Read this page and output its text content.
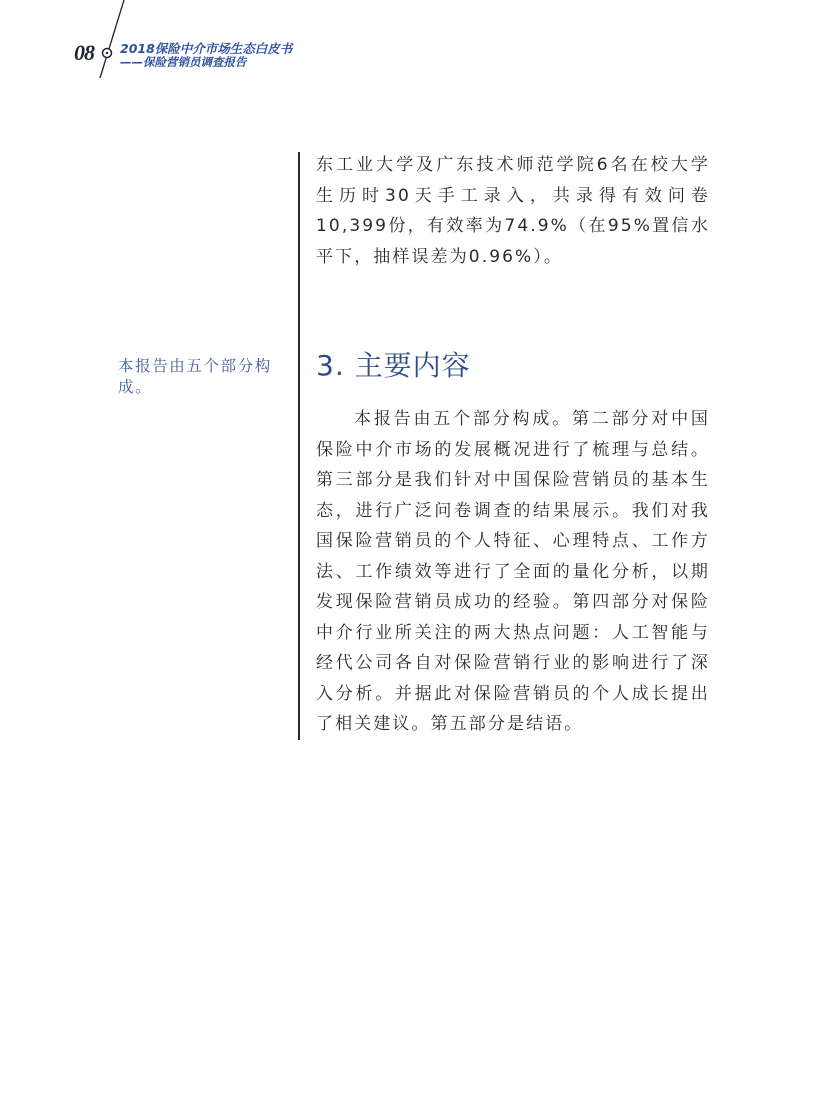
08 2018保险中介市场生态白皮书
——保险营销员调查报告

东工业大学及广东技术师范学院6名在校大学生历时30天手工录入，共录得有效问卷10,399份，有效率为74.9%（在95%置信水平下，抽样误差为0.96%）。

本报告由五个部分构成。
3. 主要内容

本报告由五个部分构成。第二部分对中国保险中介市场的发展概况进行了梳理与总结。第三部分是我们针对中国保险营销员的基本生态，进行广泛问卷调查的结果展示。我们对我国保险营销员的个人特征、心理特点、工作方法、工作绩效等进行了全面的量化分析，以期发现保险营销员成功的经验。第四部分对保险中介行业所关注的两大热点问题：人工智能与经代公司各自对保险营销行业的影响进行了深入分析。并据此对保险营销员的个人成长提出了相关建议。第五部分是结语。
